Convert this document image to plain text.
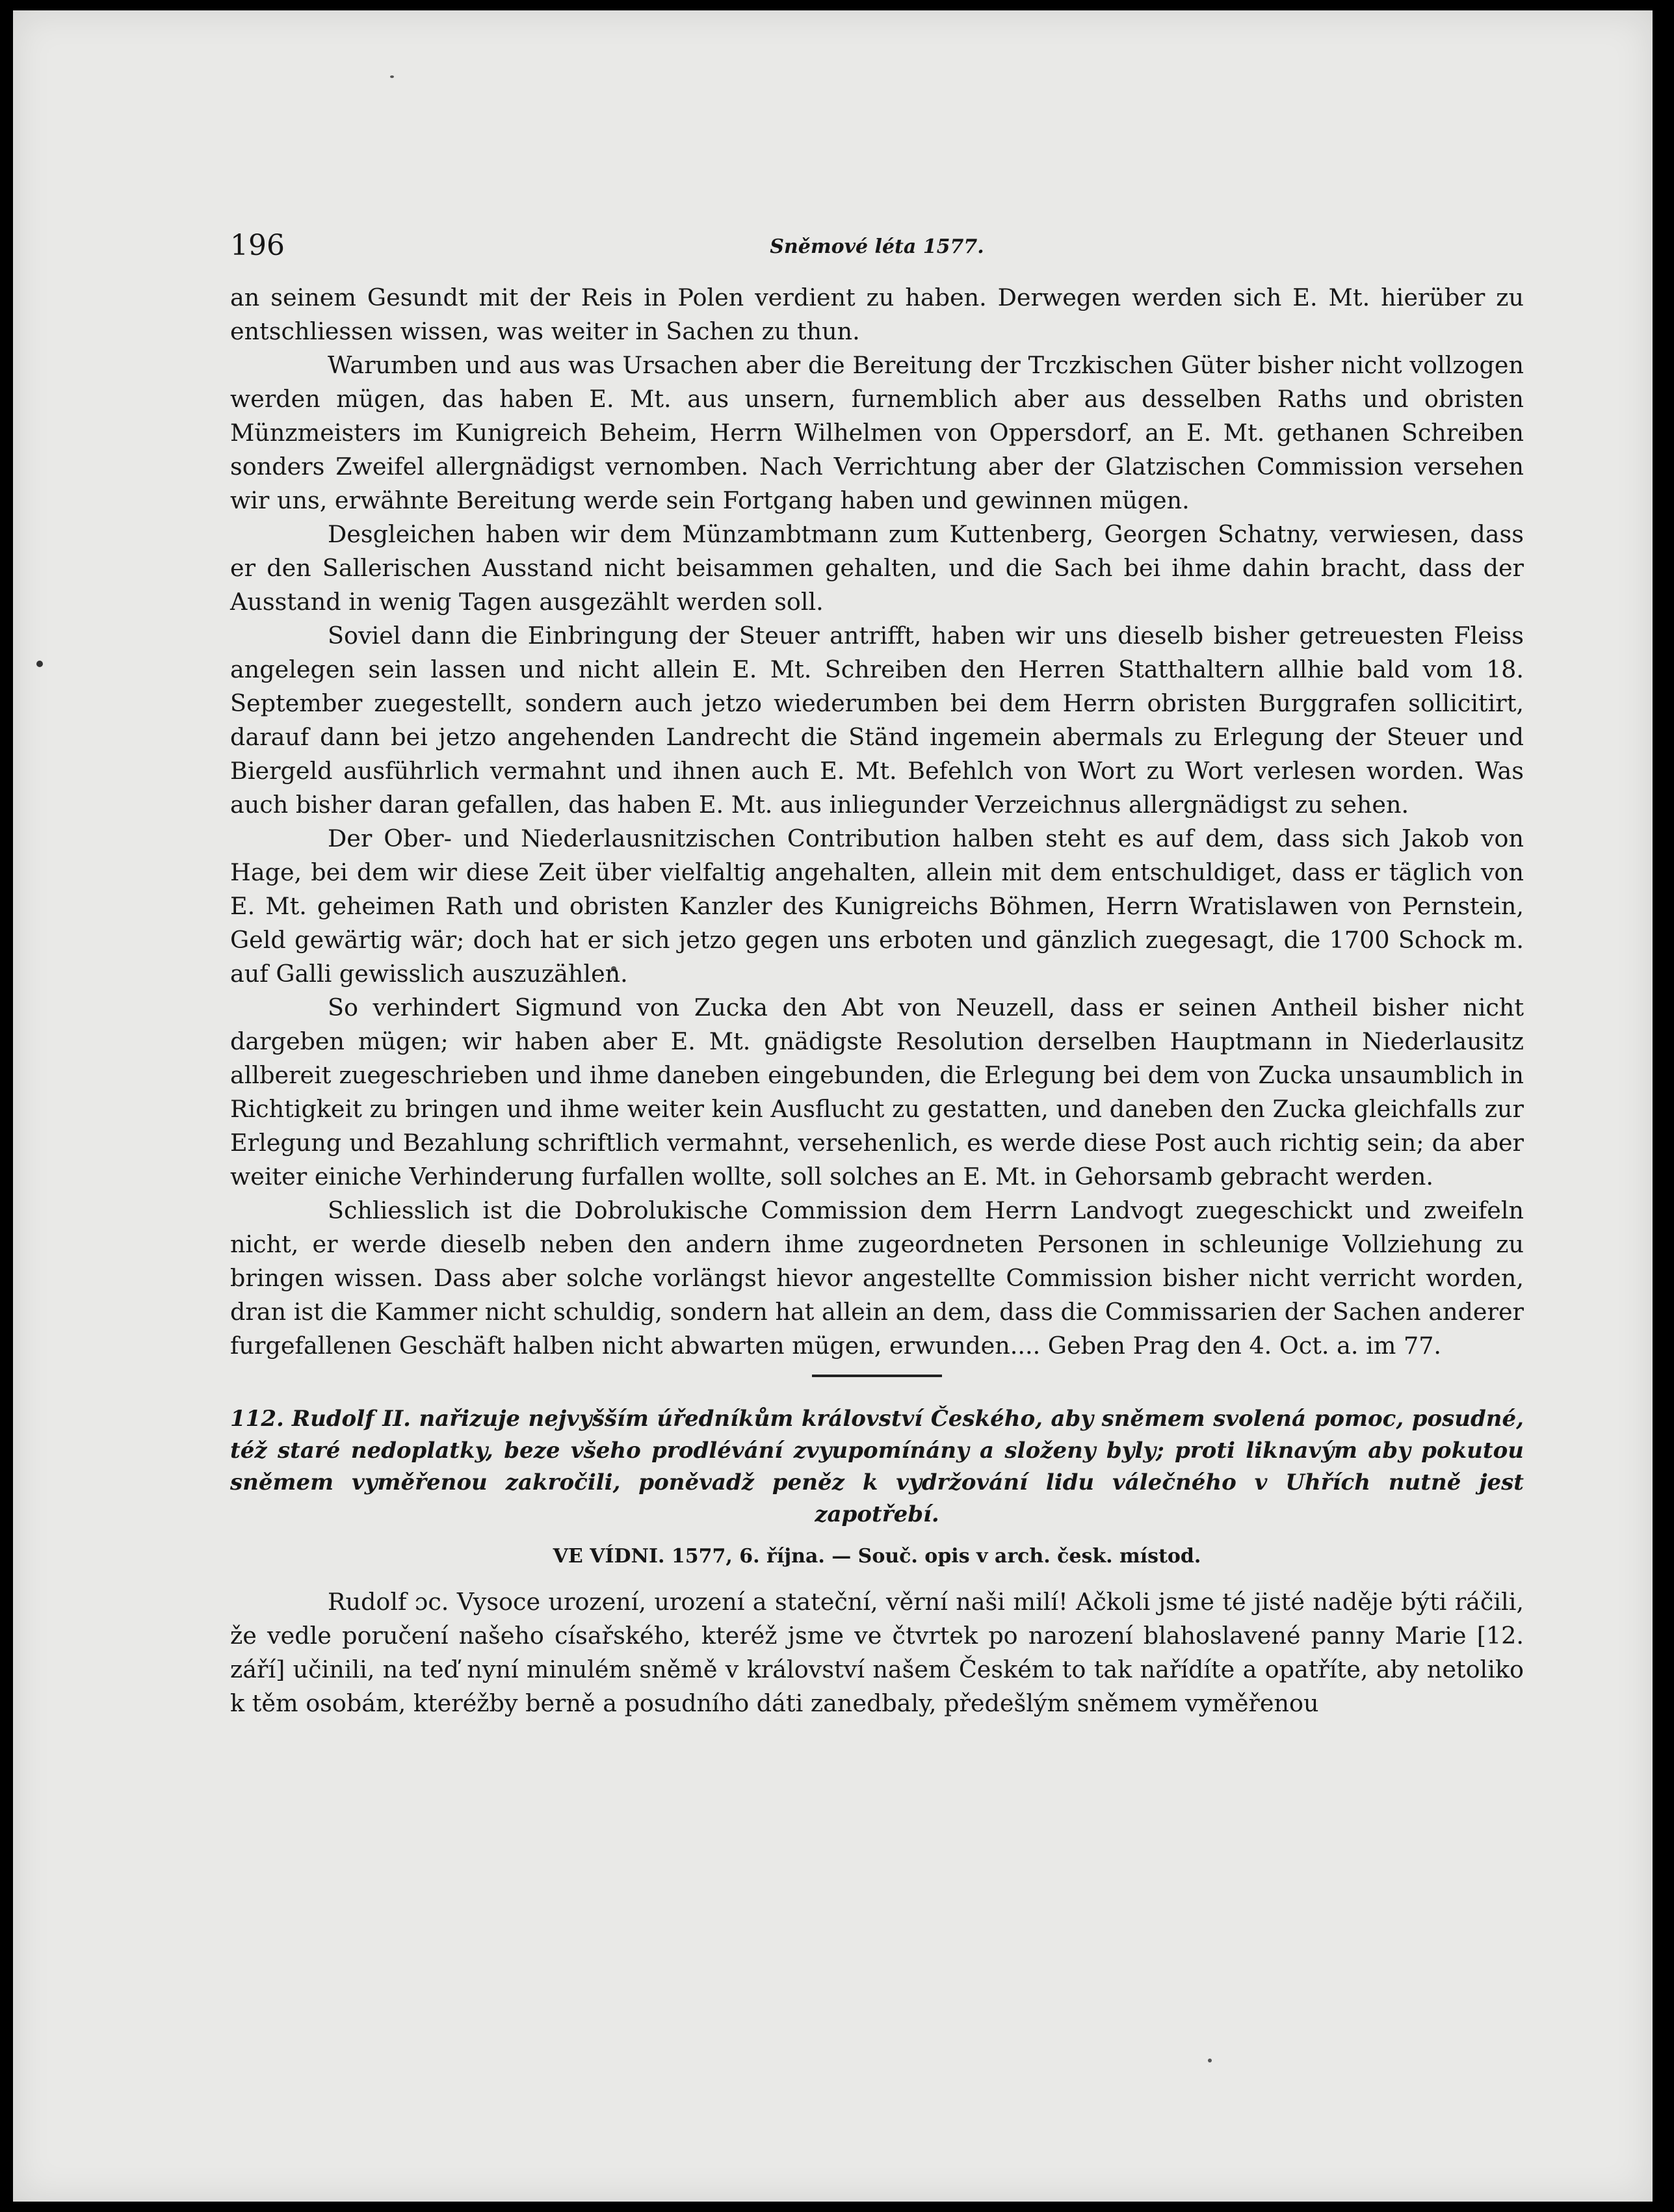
196	Sněmové léta 1577.

an seinem Gesundt mit der Reis in Polen verdient zu haben. Derwegen werden sich E. Mt. hierüber zu entschliessen wissen, was weiter in Sachen zu thun.

Warumben und aus was Ursachen aber die Bereitung der Trczkischen Güter bisher nicht vollzogen werden mügen, das haben E. Mt. aus unsern, furnemblich aber aus desselben Raths und obristen Münzmeisters im Kunigreich Beheim, Herrn Wilhelmen von Oppersdorf, an E. Mt. gethanen Schreiben sonders Zweifel allergnädigst vernomben. Nach Verrichtung aber der Glatzischen Commission versehen wir uns, erwähnte Bereitung werde sein Fortgang haben und gewinnen mügen.

Desgleichen haben wir dem Münzambtmann zum Kuttenberg, Georgen Schatny, verwiesen, dass er den Sallerischen Ausstand nicht beisammen gehalten, und die Sach bei ihme dahin bracht, dass der Ausstand in wenig Tagen ausgezählt werden soll.

Soviel dann die Einbringung der Steuer antrifft, haben wir uns dieselb bisher getreuesten Fleiss angelegen sein lassen und nicht allein E. Mt. Schreiben den Herren Statthaltern allhie bald vom 18. September zuegestellt, sondern auch jetzo wiederumben bei dem Herrn obristen Burggrafen sollicitirt, darauf dann bei jetzo angehenden Landrecht die Ständ ingemein abermals zu Erlegung der Steuer und Biergeld ausführlich vermahnt und ihnen auch E. Mt. Befehlch von Wort zu Wort verlesen worden. Was auch bisher daran gefallen, das haben E. Mt. aus inliegunder Verzeichnus allergnädigst zu sehen.

Der Ober- und Niederlausnitzischen Contribution halben steht es auf dem, dass sich Jakob von Hage, bei dem wir diese Zeit über vielfaltig angehalten, allein mit dem entschuldiget, dass er täglich von E. Mt. geheimen Rath und obristen Kanzler des Kunigreichs Böhmen, Herrn Wratislawen von Pernstein, Geld gewärtig wär; doch hat er sich jetzo gegen uns erboten und gänzlich zuegesagt, die 1700 Schock m. auf Galli gewisslich auszuzählen.

So verhindert Sigmund von Zucka den Abt von Neuzell, dass er seinen Antheil bisher nicht dargeben mügen; wir haben aber E. Mt. gnädigste Resolution derselben Hauptmann in Niederlausitz allbereit zuegeschrieben und ihme daneben eingebunden, die Erlegung bei dem von Zucka unsaumblich in Richtigkeit zu bringen und ihme weiter kein Ausflucht zu gestatten, und daneben den Zucka gleichfalls zur Erlegung und Bezahlung schriftlich vermahnt, versehenlich, es werde diese Post auch richtig sein; da aber weiter einiche Verhinderung furfallen wollte, soll solches an E. Mt. in Gehorsamb gebracht werden.

Schliesslich ist die Dobrolukische Commission dem Herrn Landvogt zuegeschickt und zweifeln nicht, er werde dieselb neben den andern ihme zugeordneten Personen in schleunige Vollziehung zu bringen wissen. Dass aber solche vorlängst hievor angestellte Commission bisher nicht verricht worden, dran ist die Kammer nicht schuldig, sondern hat allein an dem, dass die Commissarien der Sachen anderer furgefallenen Geschäft halben nicht abwarten mügen, erwunden.... Geben Prag den 4. Oct. a. im 77.

112. Rudolf II. nařizuje nejvyšším úředníkům království Českého, aby sněmem svolená pomoc, posudné, též staré nedoplatky, beze všeho prodlévání zvyupomínány a složeny byly; proti liknavým aby pokutou sněmem vyměřenou zakročili, poněvadž peněz k vydržování lidu válečného v Uhřích nutně jest zapotřebí.

VE VÍDNI. 1577, 6. října. — Souč. opis v arch. česk. místod.

Rudolf ɔc. Vysoce urození, urození a stateční, věrní naši milí! Ačkoli jsme té jisté naděje býti ráčili, že vedle poručení našeho císařského, kteréž jsme ve čtvrtek po narození blahoslavené panny Marie [12. září] učinili, na teď nyní minulém sněmě v království našem Českém to tak nařídíte a opatříte, aby netoliko k těm osobám, kteréžby berně a posudního dáti zanedbaly, předešlým sněmem vyměřenou
